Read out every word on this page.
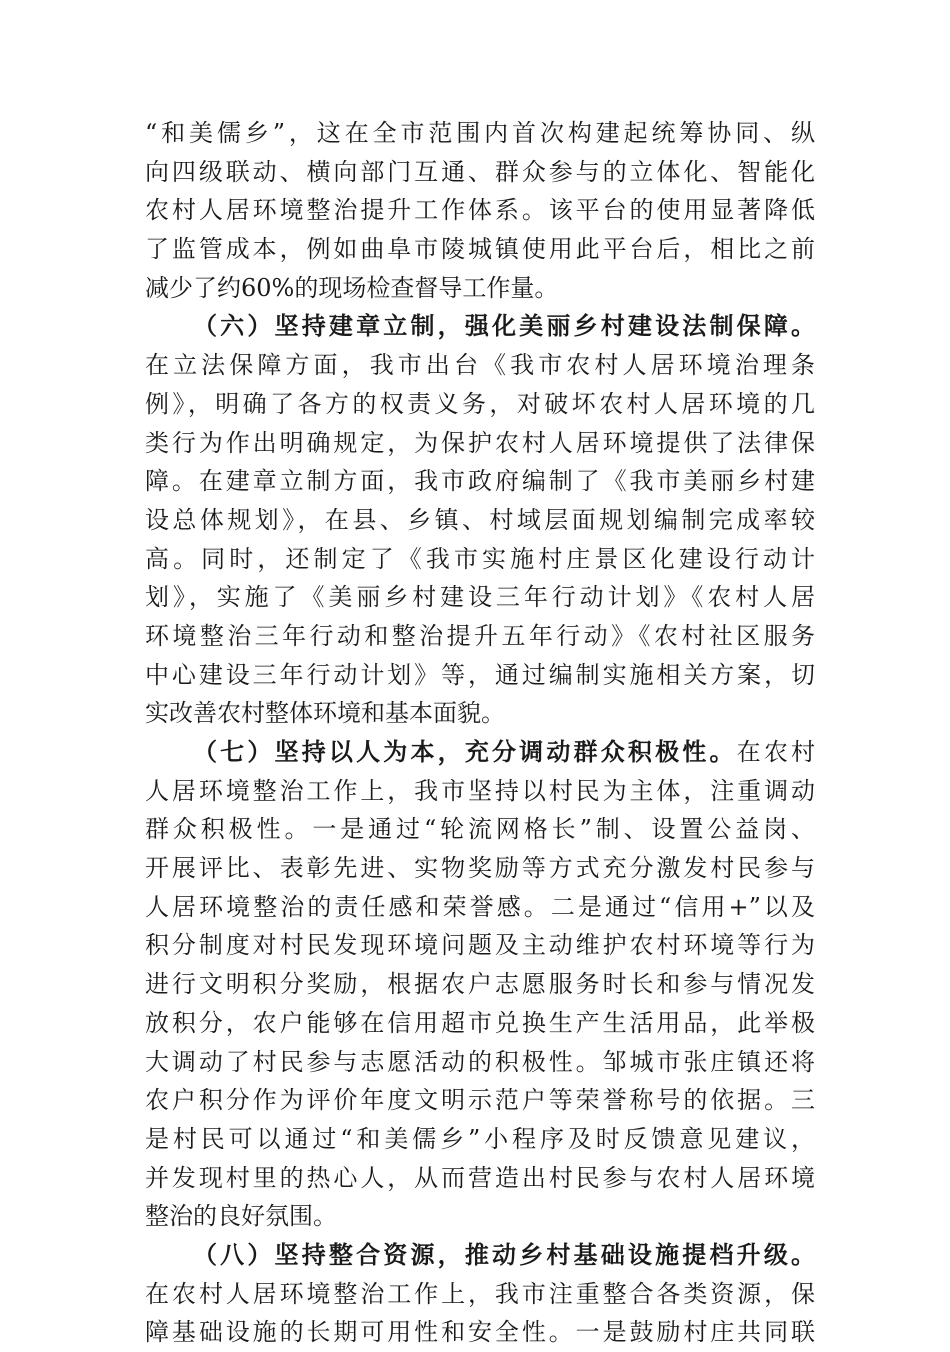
“和美儒乡”，这在全市范围内首次构建起统筹协同、纵
向四级联动、横向部门互通、群众参与的立体化、智能化
农村人居环境整治提升工作体系。该平台的使用显著降低
了监管成本，例如曲阜市陵城镇使用此平台后，相比之前
减少了约60%的现场检查督导工作量。
（六）坚持建章立制，强化美丽乡村建设法制保障。
在立法保障方面，我市出台《我市农村人居环境治理条
例》，明确了各方的权责义务，对破坏农村人居环境的几
类行为作出明确规定，为保护农村人居环境提供了法律保
障。在建章立制方面，我市政府编制了《我市美丽乡村建
设总体规划》，在县、乡镇、村域层面规划编制完成率较
高。同时，还制定了《我市实施村庄景区化建设行动计
划》，实施了《美丽乡村建设三年行动计划》《农村人居
环境整治三年行动和整治提升五年行动》《农村社区服务
中心建设三年行动计划》等，通过编制实施相关方案，切
实改善农村整体环境和基本面貌。
（七）坚持以人为本，充分调动群众积极性。在农村
人居环境整治工作上，我市坚持以村民为主体，注重调动
群众积极性。一是通过“轮流网格长”制、设置公益岗、
开展评比、表彰先进、实物奖励等方式充分激发村民参与
人居环境整治的责任感和荣誉感。二是通过“信用+”以及
积分制度对村民发现环境问题及主动维护农村环境等行为
进行文明积分奖励，根据农户志愿服务时长和参与情况发
放积分，农户能够在信用超市兑换生产生活用品，此举极
大调动了村民参与志愿活动的积极性。邹城市张庄镇还将
农户积分作为评价年度文明示范户等荣誉称号的依据。三
是村民可以通过“和美儒乡”小程序及时反馈意见建议，
并发现村里的热心人，从而营造出村民参与农村人居环境
整治的良好氛围。
（八）坚持整合资源，推动乡村基础设施提档升级。
在农村人居环境整治工作上，我市注重整合各类资源，保
障基础设施的长期可用性和安全性。一是鼓励村庄共同联
